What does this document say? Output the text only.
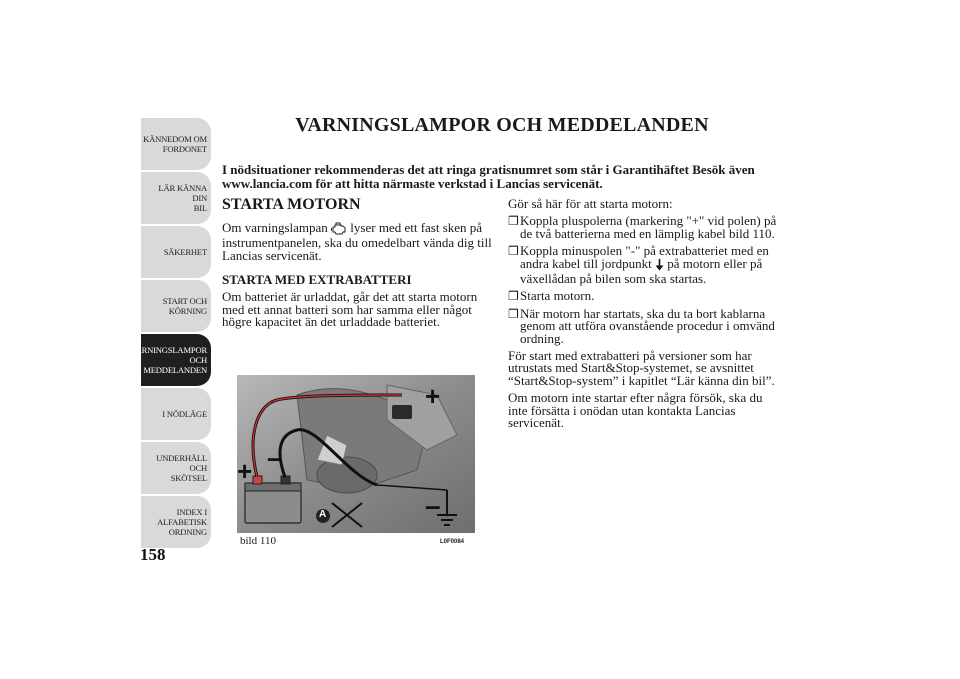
KÄNNEDOM OM
FORDONET
LÄR KÄNNA DIN
BIL
SÄKERHET
START OCH
KÖRNING
VARNINGSLAMPOR
OCH
MEDDELANDEN
I NÖDLÄGE
UNDERHÅLL OCH
SKÖTSEL
INDEX I
ALFABETISK
ORDNING
158
VARNINGSLAMPOR OCH MEDDELANDEN
I nödsituationer rekommenderas det att ringa gratisnumret som står i Garantihäftet Besök även www.lancia.com för att hitta närmaste verkstad i Lancias servicenät.
STARTA MOTORN

Om varningslampan lyser med ett fast sken på instrumentpanelen, ska du omedelbart vända dig till Lancias servicenät.

STARTA MED EXTRABATTERI

Om batteriet är urladdat, går det att starta motorn med ett annat batteri som har samma eller något högre kapacitet än det urladdade batteriet.

+ –
+
–
A
bild 110	L0F0084

Gör så här för att starta motorn:

❒ Koppla pluspolerna (markering "+" vid polen) på de två batterierna med en lämplig kabel bild 110.
❒ Koppla minuspolen "-" på extrabatteriet med en andra kabel till jordpunkt på motorn eller på växellådan på bilen som ska startas.
❒ Starta motorn.
❒ När motorn har startats, ska du ta bort kablarna genom att utföra ovanstående procedur i omvänd ordning.

För start med extrabatteri på versioner som har utrustats med Start&Stop-systemet, se avsnittet “Start&Stop-system” i kapitlet “Lär känna din bil”.

Om motorn inte startar efter några försök, ska du inte försätta i onödan utan kontakta Lancias servicenät.
